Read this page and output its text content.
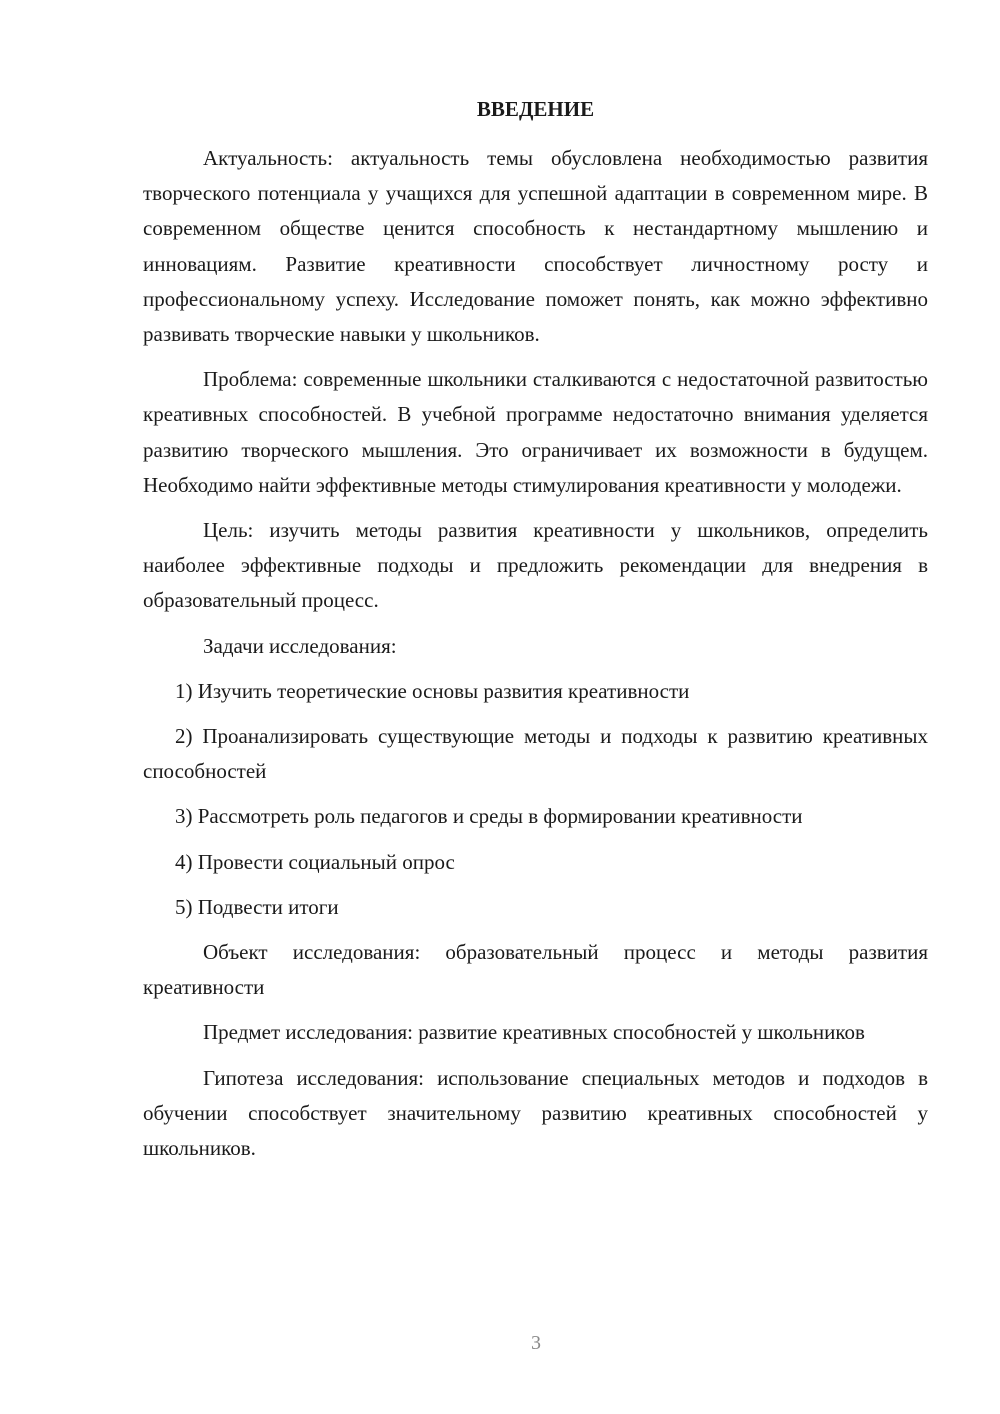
ВВЕДЕНИЕ

Актуальность: актуальность темы обусловлена необходимостью развития творческого потенциала у учащихся для успешной адаптации в современном мире. В современном обществе ценится способность к нестандартному мышлению и инновациям. Развитие креативности способствует личностному росту и профессиональному успеху. Исследование поможет понять, как можно эффективно развивать творческие навыки у школьников.

Проблема: современные школьники сталкиваются с недостаточной развитостью креативных способностей. В учебной программе недостаточно внимания уделяется развитию творческого мышления. Это ограничивает их возможности в будущем. Необходимо найти эффективные методы стимулирования креативности у молодежи.

Цель: изучить методы развития креативности у школьников, определить наиболее эффективные подходы и предложить рекомендации для внедрения в образовательный процесс.

Задачи исследования:

1) Изучить теоретические основы развития креативности

2) Проанализировать существующие методы и подходы к развитию креативных способностей

3) Рассмотреть роль педагогов и среды в формировании креативности

4) Провести социальный опрос

5) Подвести итоги

Объект исследования: образовательный процесс и методы развития креативности

Предмет исследования: развитие креативных способностей у школьников

Гипотеза исследования: использование специальных методов и подходов в обучении способствует значительному развитию креативных способностей у школьников.

3
